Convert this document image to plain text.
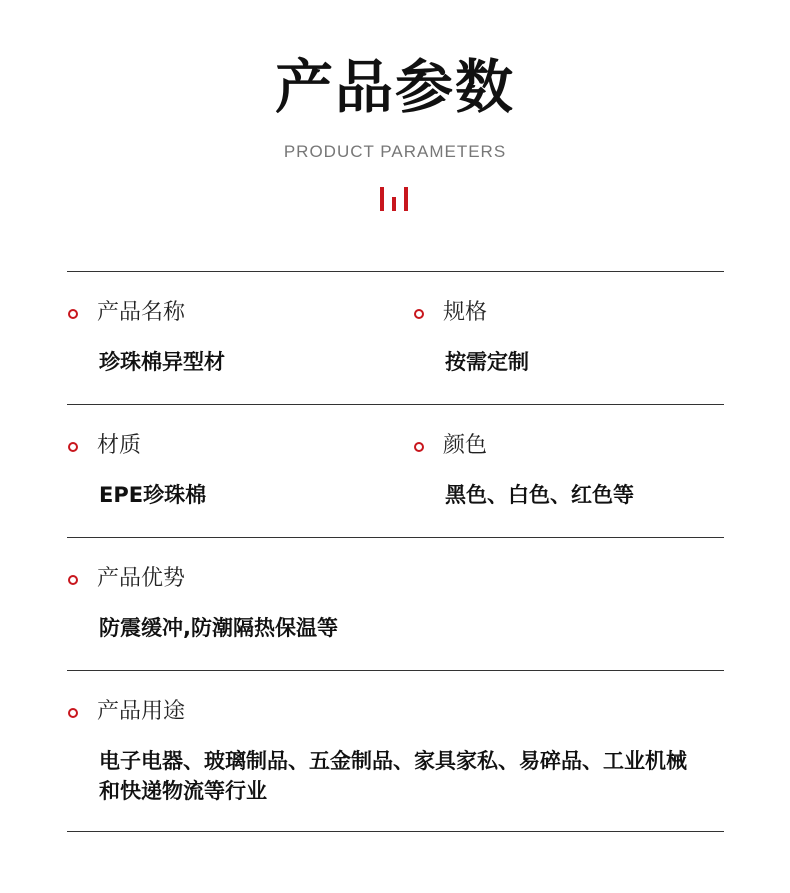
产品参数
PRODUCT PARAMETERS
产品名称
珍珠棉异型材
规格
按需定制
材质
EPE珍珠棉
颜色
黑色、白色、红色等
产品优势
防震缓冲,防潮隔热保温等
产品用途
电子电器、玻璃制品、五金制品、家具家私、易碎品、工业机械
和快递物流等行业
